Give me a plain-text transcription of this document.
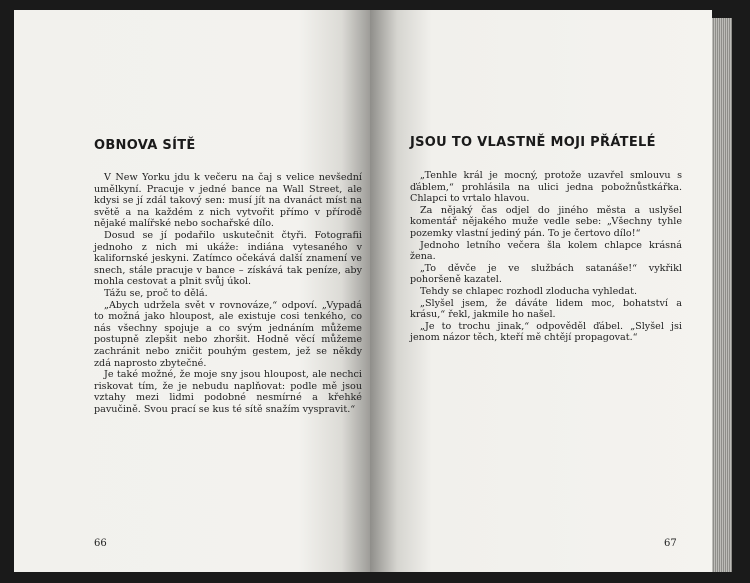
OBNOVA SÍTĚ

V New Yorku jdu k večeru na čaj s velice nevšední umělkyní. Pracuje v jedné bance na Wall Street, ale kdysi se jí zdál takový sen: musí jít na dvanáct míst na světě a na každém z nich vytvořit přímo v přírodě nějaké malířské nebo sochařské dílo.

Dosud se jí podařilo uskutečnit čtyři. Fotografii jednoho z nich mi ukáže: indiána vytesaného v kalifornské jeskyni. Zatímco očekává další znamení ve snech, stále pracuje v bance – získává tak peníze, aby mohla cestovat a plnit svůj úkol.

Tážu se, proč to dělá.

„Abych udržela svět v rovnováze,“ odpoví. „Vypadá to možná jako hloupost, ale existuje cosi tenkého, co nás všechny spojuje a co svým jednáním můžeme postupně zlepšit nebo zhoršit. Hodně věcí můžeme zachránit nebo zničit pouhým gestem, jež se někdy zdá naprosto zbytečné.

Je také možné, že moje sny jsou hloupost, ale nechci riskovat tím, že je nebudu naplňovat: podle mě jsou vztahy mezi lidmi podobné nesmírné a křehké pavučině. Svou prací se kus té sítě snažím vyspravit.“

66
JSOU TO VLASTNĚ MOJI PŘÁTELÉ

„Tenhle král je mocný, protože uzavřel smlouvu s ďáblem,“ prohlásila na ulici jedna pobožnůstkářka. Chlapci to vrtalo hlavou.

Za nějaký čas odjel do jiného města a uslyšel komentář nějakého muže vedle sebe: „Všechny tyhle pozemky vlastní jediný pán. To je čertovo dílo!“

Jednoho letního večera šla kolem chlapce krásná žena.

„To děvče je ve službách satanáše!“ vykřikl pohoršeně kazatel.

Tehdy se chlapec rozhodl zloducha vyhledat.

„Slyšel jsem, že dáváte lidem moc, bohatství a krásu,“ řekl, jakmile ho našel.

„Je to trochu jinak,“ odpověděl ďábel. „Slyšel jsi jenom názor těch, kteří mě chtějí propagovat.“

67
